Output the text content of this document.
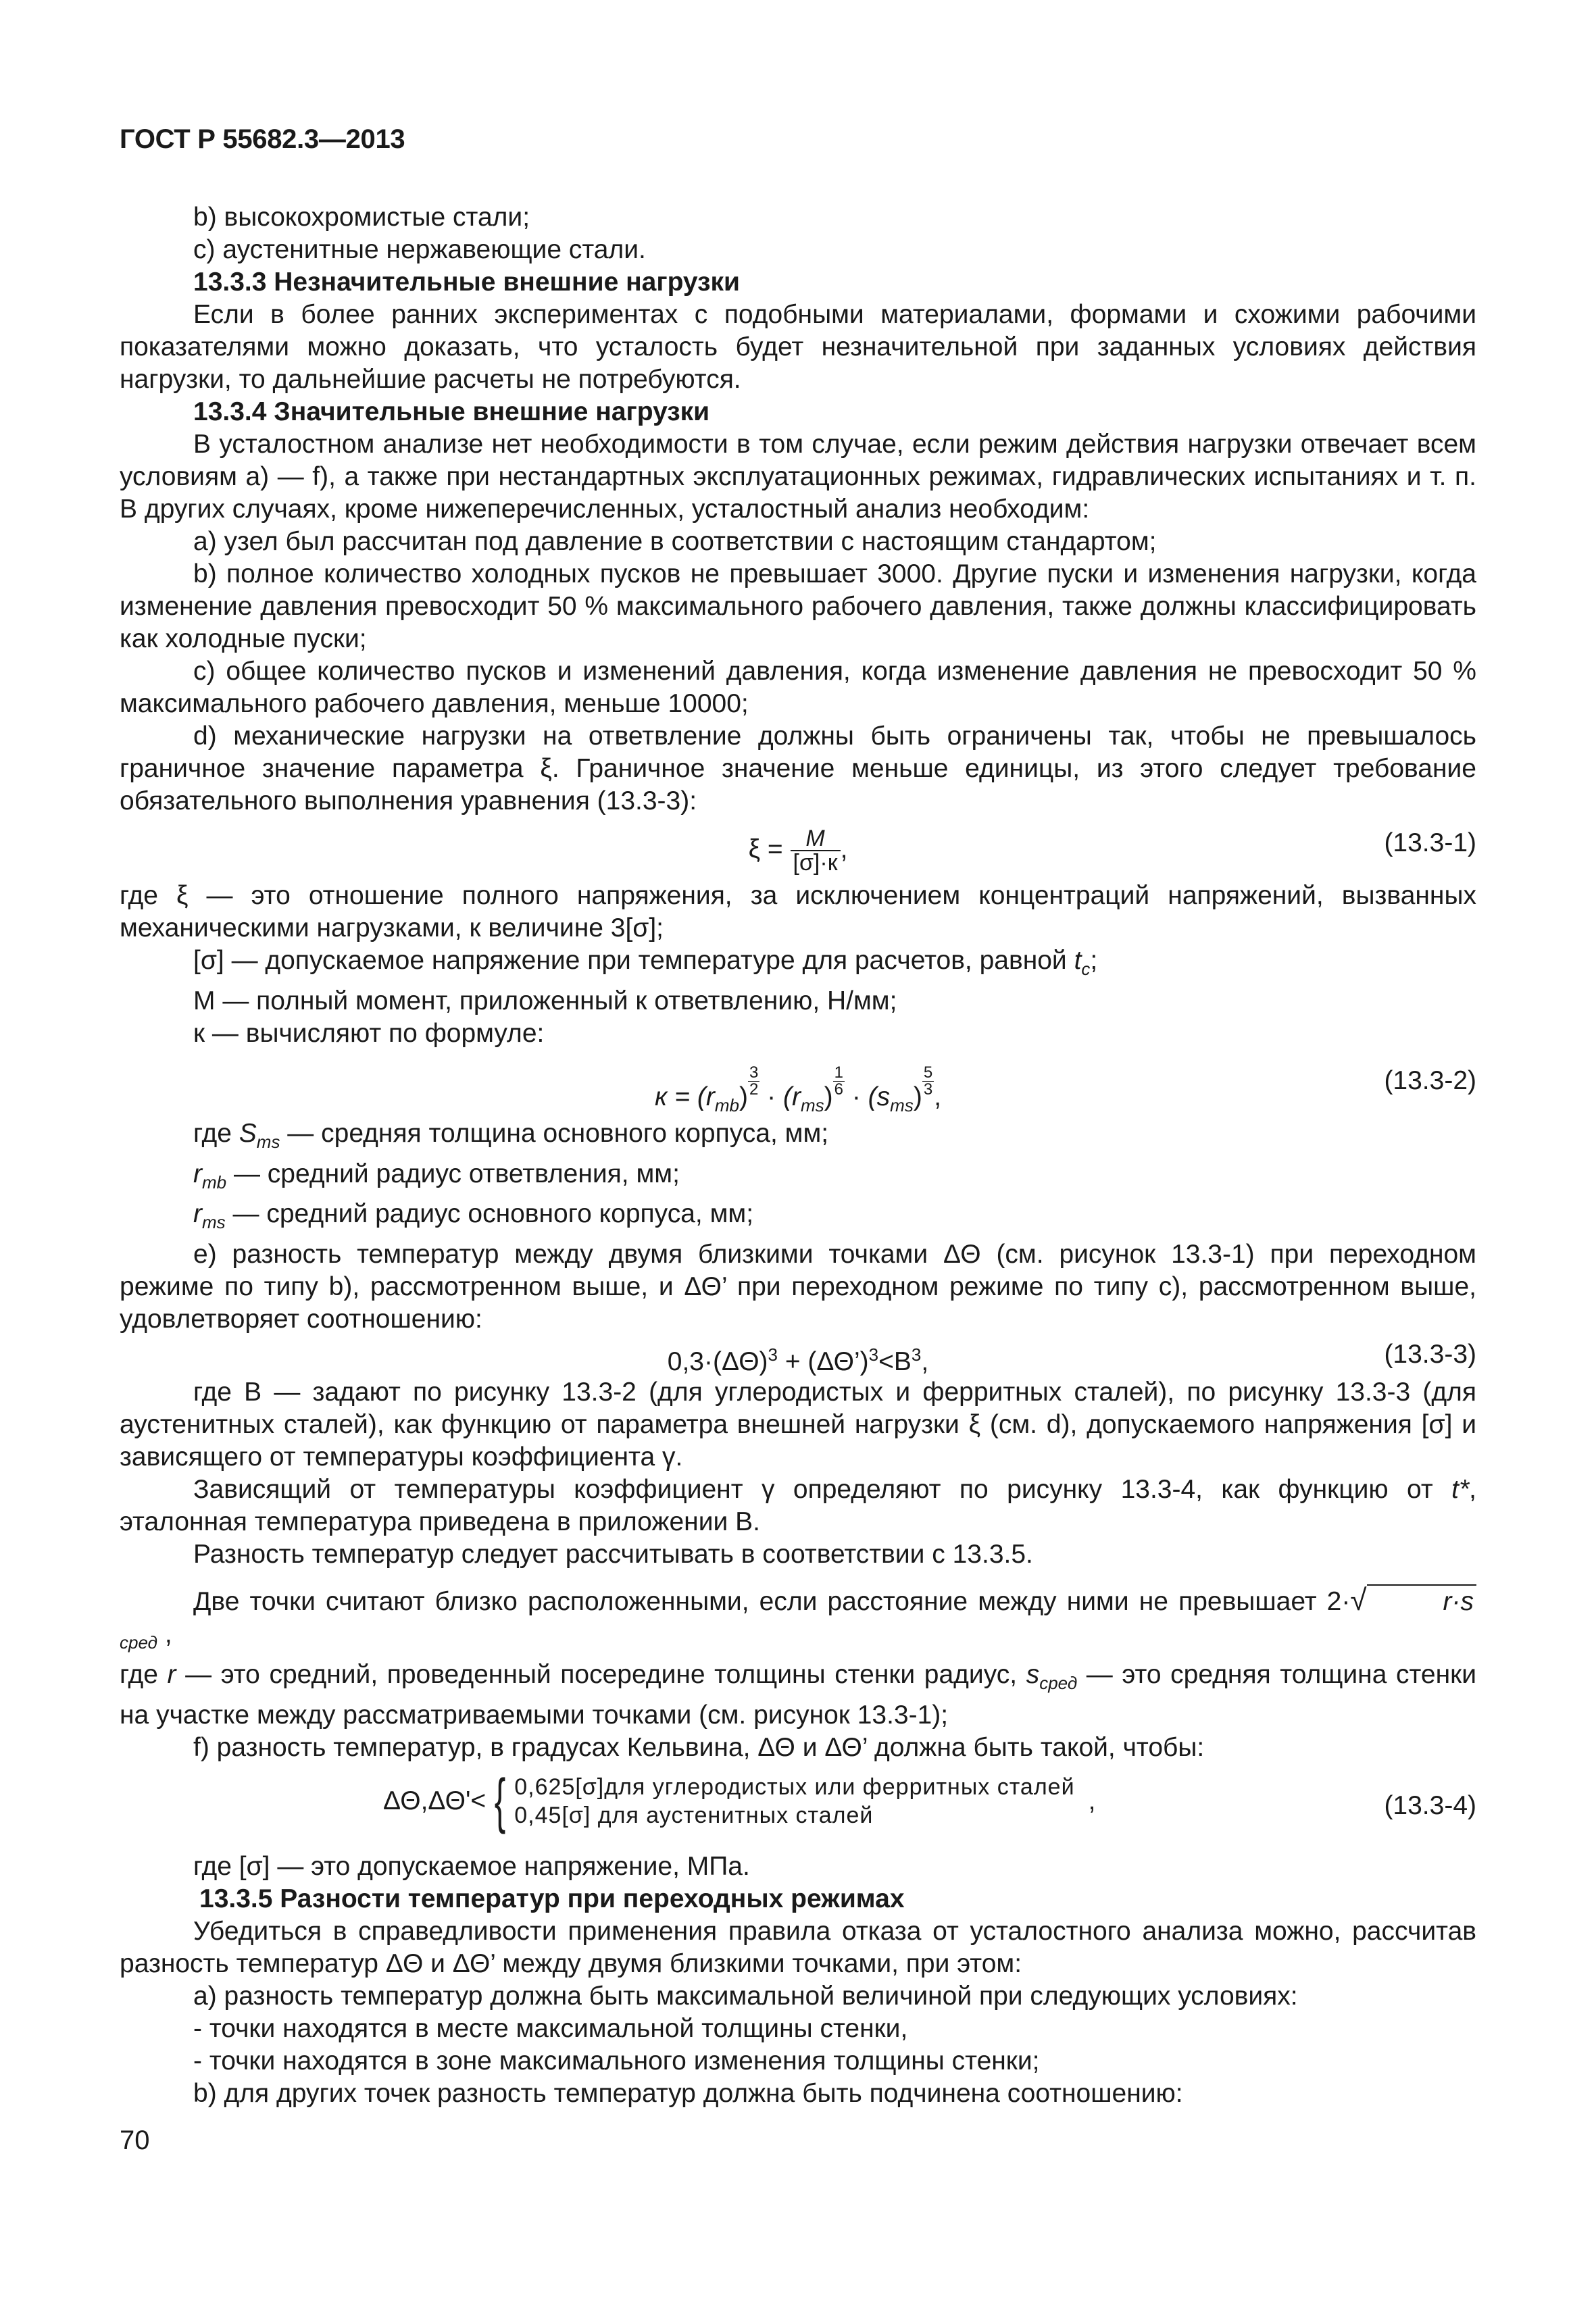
ГОСТ Р 55682.3—2013

b) высокохромистые стали;

c) аустенитные нержавеющие стали.

13.3.3 Незначительные внешние нагрузки

Если в более ранних экспериментах с подобными материалами, формами и схожими рабочими показателями можно доказать, что усталость будет незначительной при заданных условиях действия нагрузки, то дальнейшие расчеты не потребуются.

13.3.4 Значительные внешние нагрузки

В усталостном анализе нет необходимости в том случае, если режим действия нагрузки отвечает всем условиям a) — f), а также при нестандартных эксплуатационных режимах, гидравлических испытаниях и т. п. В других случаях, кроме нижеперечисленных, усталостный анализ необходим:

a) узел был рассчитан под давление в соответствии с настоящим стандартом;

b) полное количество холодных пусков не превышает 3000. Другие пуски и изменения нагрузки, когда изменение давления превосходит 50 % максимального рабочего давления, также должны классифицировать как холодные пуски;

c) общее количество пусков и изменений давления, когда изменение давления не превосходит 50 % максимального рабочего давления, меньше 10000;

d) механические нагрузки на ответвление должны быть ограничены так, чтобы не превышалось граничное значение параметра ξ. Граничное значение меньше единицы, из этого следует требование обязательного выполнения уравнения (13.3-3):

$\xi = \frac{M}{[\sigma]\cdot к}$ ,	(13.3-1)

где ξ — это отношение полного напряжения, за исключением концентраций напряжений, вызванных механическими нагрузками, к величине 3[σ];

[σ] — допускаемое напряжение при температуре для расчетов, равной $t_c$;

M — полный момент, приложенный к ответвлению, Н/мм;

к — вычисляют по формуле:

$к = (r_{mb}) \frac{3}{2} \cdot (r_{ms}) \frac{1}{6} \cdot (s_{ms}) \frac{5}{3}$ ,
(13.3-2)

где $S_{ms}$ — средняя толщина основного корпуса, мм;

$r_{mb}$ — средний радиус ответвления, мм;

$r_{ms}$ — средний радиус основного корпуса, мм;

e) разность температур между двумя близкими точками ΔΘ (см. рисунок 13.3-1) при переходном режиме по типу b), рассмотренном выше, и ΔΘ’ при переходном режиме по типу c), рассмотренном выше, удовлетворяет соотношению:

$0,3\cdot(\Delta\Theta)^3$ + $(\Delta\Theta’)^3<B^3$,	(13.3-3)

где B — задают по рисунку 13.3-2 (для углеродистых и ферритных сталей), по рисунку 13.3-3 (для аустенитных сталей), как функцию от параметра внешней нагрузки ξ (см. d), допускаемого напряжения [σ] и зависящего от температуры коэффициента γ.

Зависящий от температуры коэффициент γ определяют по рисунку 13.3-4, как функцию от t*, эталонная температура приведена в приложении B.

Разность температур следует рассчитывать в соответствии с 13.3.5.

Две точки считают близко расположенными, если расстояние между ними не превышает 2·√	$r\cdot s_{сред}$ ,

где r — это средний, проведенный посередине толщины стенки радиус, $s_{сред}$ — это средняя толщина стенки на участке между рассматриваемыми точками (см. рисунок 13.3-1);

f) разность температур, в градусах Кельвина, ΔΘ и ΔΘ’ должна быть такой, чтобы:

ΔΘ,ΔΘ'< { 0,625[σ]для углеродистых или ферритных сталей
0,45[σ] для аустенитных сталей	,	(13.3-4)

где [σ] — это допускаемое напряжение, МПа.

13.3.5 Разности температур при переходных режимах

Убедиться в справедливости применения правила отказа от усталостного анализа можно, рассчитав разность температур ΔΘ и ΔΘ’ между двумя близкими точками, при этом:

a) разность температур должна быть максимальной величиной при следующих условиях:

- точки находятся в месте максимальной толщины стенки,

- точки находятся в зоне максимального изменения толщины стенки;

b) для других точек разность температур должна быть подчинена соотношению:

70
